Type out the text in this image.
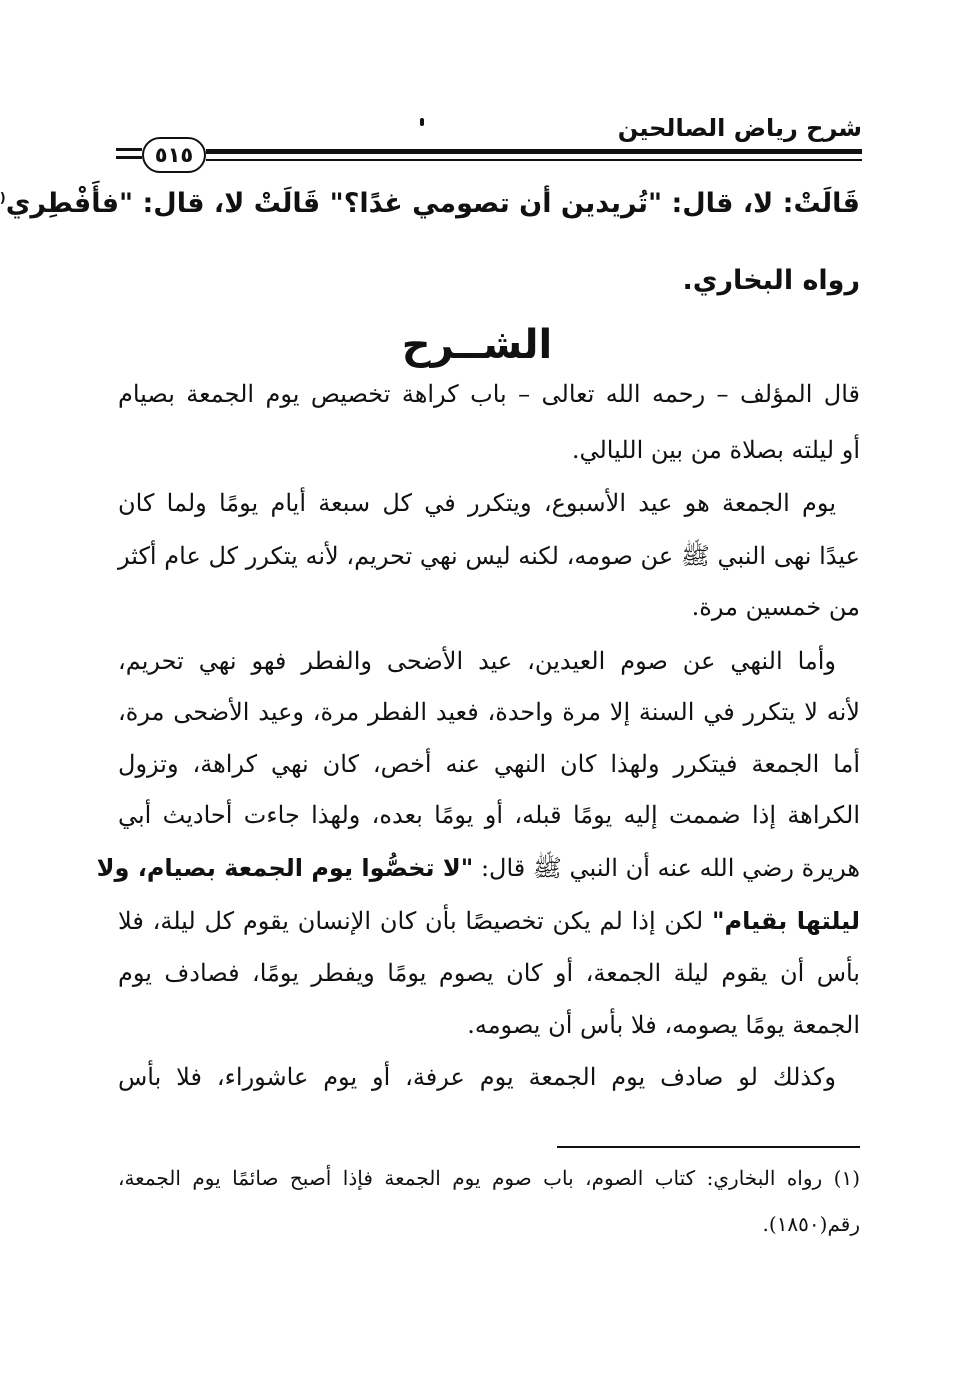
شرح رياض الصالحين
٥١٥
قَالَتْ: لا، قال: "تُريدين أن تصومي غدًا؟" قَالَتْ لا، قال: "فأَفْطِري(
رواه البخاري.
الشــرح
قال المؤلف – رحمه الله تعالى – باب كراهة تخصيص يوم الجمعة بصيام
أو ليلته بصلاة من بين الليالي.
يوم الجمعة هو عيد الأسبوع، ويتكرر في كل سبعة أيام يومًا ولما كان
عيدًا نهى النبي ﷺ عن صومه، لكنه ليس نهي تحريم، لأنه يتكرر كل عام أكثر
من خمسين مرة.
وأما النهي عن صوم العيدين، عيد الأضحى والفطر فهو نهي تحريم،
لأنه لا يتكرر في السنة إلا مرة واحدة، فعيد الفطر مرة، وعيد الأضحى مرة،
أما الجمعة فيتكرر ولهذا كان النهي عنه أخص، كان نهي كراهة، وتزول
الكراهة إذا ضممت إليه يومًا قبله، أو يومًا بعده، ولهذا جاءت أحاديث أبي
هريرة رضي الله عنه أن النبي ﷺ قال: "لا تخصُّوا يوم الجمعة بصيام، ولا
ليلتها بقيام" لكن إذا لم يكن تخصيصًا بأن كان الإنسان يقوم كل ليلة، فلا
بأس أن يقوم ليلة الجمعة، أو كان يصوم يومًا ويفطر يومًا، فصادف يوم
الجمعة يومًا يصومه، فلا بأس أن يصومه.
وكذلك لو صادف يوم الجمعة يوم عرفة، أو يوم عاشوراء، فلا بأس
(١) رواه البخاري: كتاب الصوم، باب صوم يوم الجمعة فإذا أصبح صائمًا يوم الجمعة،
رقم(١٨٥٠).
